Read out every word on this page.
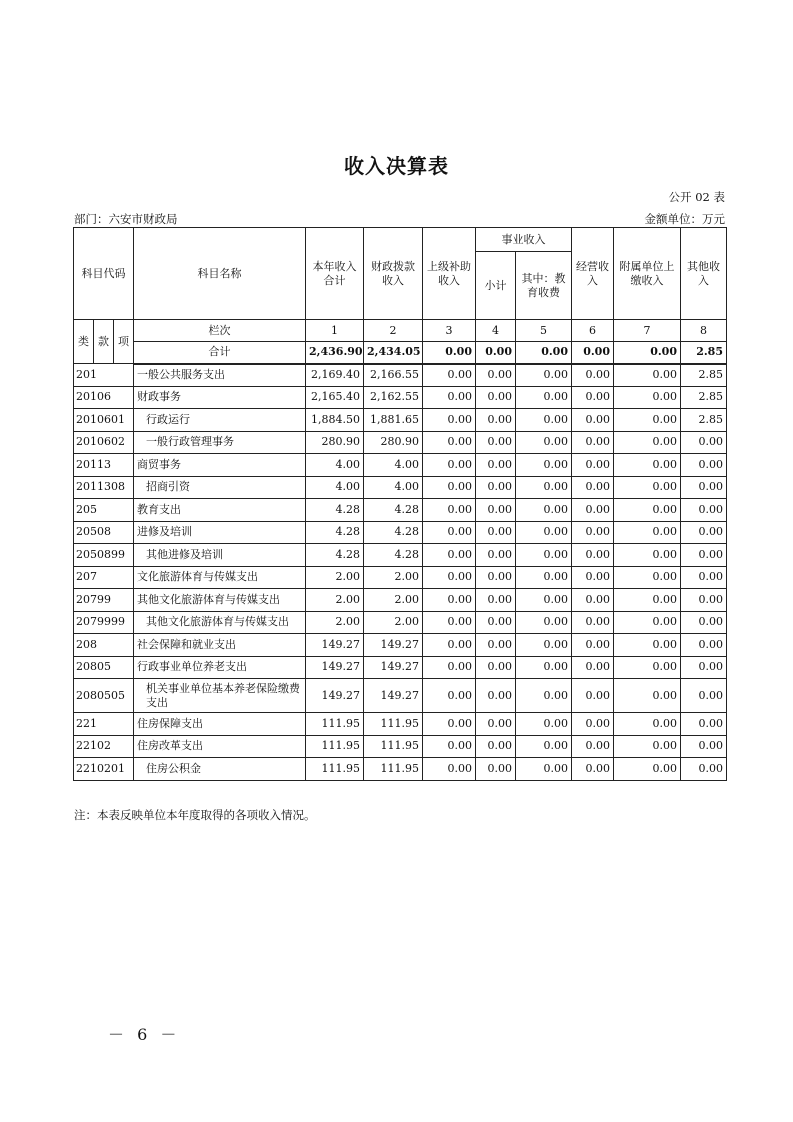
收入决算表
公开 02 表
部门：六安市财政局	金额单位：万元
科目代码			科目名称	本年收入合计	财政拨款收入	上级补助收入	事业收入		经营收入	附属单位上缴收入	其他收入
							小计	其中：教育收费			

类	款	项	栏次	1	2	3	4	5	6	7	8
			合计	2,436.90	2,434.05	0.00	0.00	0.00	0.00	0.00	2.85
201			一般公共服务支出	2,169.40	2,166.55	0.00	0.00	0.00	0.00	0.00	2.85
20106			财政事务	2,165.40	2,162.55	0.00	0.00	0.00	0.00	0.00	2.85
2010601			行政运行	1,884.50	1,881.65	0.00	0.00	0.00	0.00	0.00	2.85
2010602			一般行政管理事务	280.90	280.90	0.00	0.00	0.00	0.00	0.00	0.00
20113			商贸事务	4.00	4.00	0.00	0.00	0.00	0.00	0.00	0.00
2011308			招商引资	4.00	4.00	0.00	0.00	0.00	0.00	0.00	0.00
205			教育支出	4.28	4.28	0.00	0.00	0.00	0.00	0.00	0.00
20508			进修及培训	4.28	4.28	0.00	0.00	0.00	0.00	0.00	0.00
2050899			其他进修及培训	4.28	4.28	0.00	0.00	0.00	0.00	0.00	0.00
207			文化旅游体育与传媒支出	2.00	2.00	0.00	0.00	0.00	0.00	0.00	0.00
20799			其他文化旅游体育与传媒支出	2.00	2.00	0.00	0.00	0.00	0.00	0.00	0.00
2079999			其他文化旅游体育与传媒支出	2.00	2.00	0.00	0.00	0.00	0.00	0.00	0.00
208			社会保障和就业支出	149.27	149.27	0.00	0.00	0.00	0.00	0.00	0.00
20805			行政事业单位养老支出	149.27	149.27	0.00	0.00	0.00	0.00	0.00	0.00
2080505			机关事业单位基本养老保险缴费支出	149.27	149.27	0.00	0.00	0.00	0.00	0.00	0.00
221			住房保障支出	111.95	111.95	0.00	0.00	0.00	0.00	0.00	0.00
22102			住房改革支出	111.95	111.95	0.00	0.00	0.00	0.00	0.00	0.00
2210201			住房公积金	111.95	111.95	0.00	0.00	0.00	0.00	0.00	0.00
注：本表反映单位本年度取得的各项收入情况。
－ 6 －
